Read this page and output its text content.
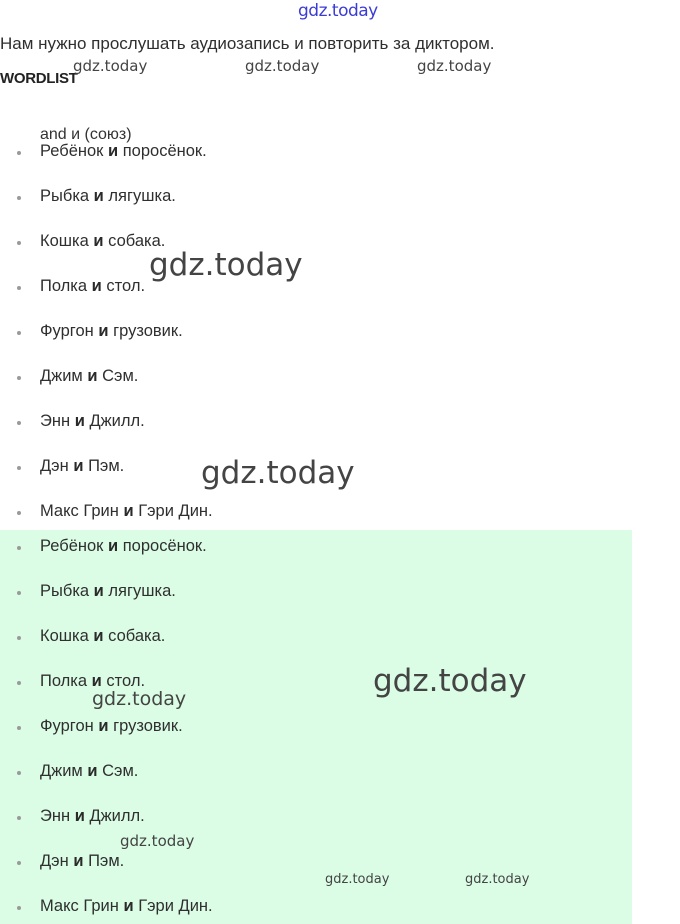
gdz.today
Нам нужно прослушать аудиозапись и повторить за диктором.
WORDLIST
and и (союз)
Ребёнок и поросёнок.
Рыбка и лягушка.
Кошка и собака.
Полка и стол.
Фургон и грузовик.
Джим и Сэм.
Энн и Джилл.
Дэн и Пэм.
Макс Грин и Гэри Дин.
Ребёнок и поросёнок.
Рыбка и лягушка.
Кошка и собака.
Полка и стол.
Фургон и грузовик.
Джим и Сэм.
Энн и Джилл.
Дэн и Пэм.
Макс Грин и Гэри Дин.
gdz.today	gdz.today	gdz.today
gdz.today
gdz.today
gdz.today
gdz.today
gdz.today
gdz.today	gdz.today
